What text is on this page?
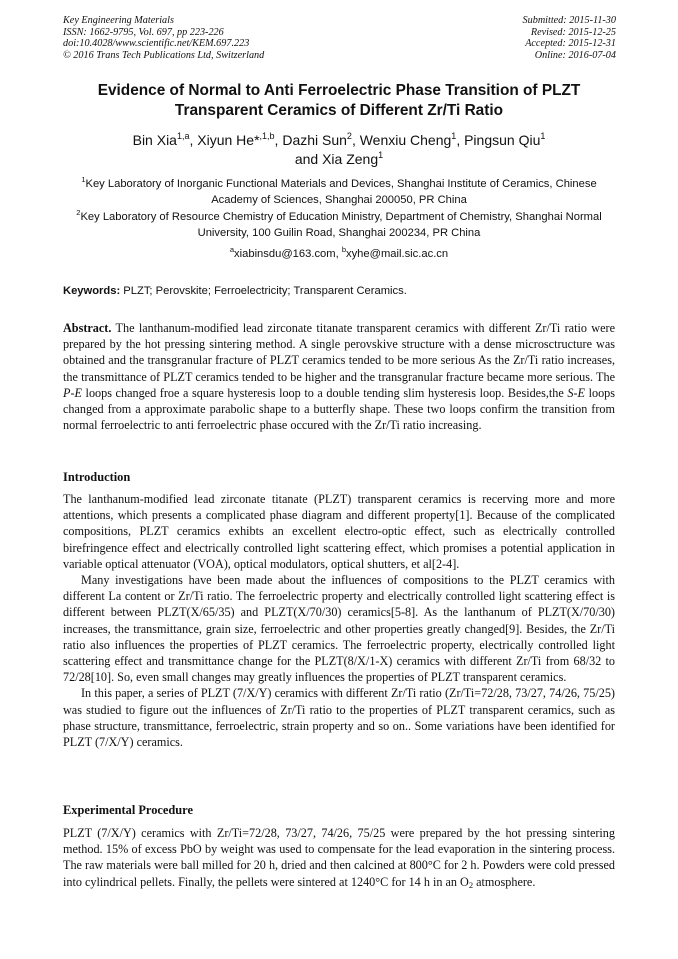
Key Engineering Materials
ISSN: 1662-9795, Vol. 697, pp 223-226
doi:10.4028/www.scientific.net/KEM.697.223
© 2016 Trans Tech Publications Ltd, Switzerland
Submitted: 2015-11-30
Revised: 2015-12-25
Accepted: 2015-12-31
Online: 2016-07-04
Evidence of Normal to Anti Ferroelectric Phase Transition of PLZT
Transparent Ceramics of Different Zr/Ti Ratio
Bin Xia$^{1,a}$, Xiyun He*$^{,1,b}$, Dazhi Sun$^2$, Wenxiu Cheng$^1$, Pingsun Qiu$^1$
and Xia Zeng$^1$
$^1$Key Laboratory of Inorganic Functional Materials and Devices, Shanghai Institute of Ceramics, Chinese Academy of Sciences, Shanghai 200050, PR China
$^2$Key Laboratory of Resource Chemistry of Education Ministry, Department of Chemistry, Shanghai Normal University, 100 Guilin Road, Shanghai 200234, PR China
$^a$xiabinsdu@163.com, $^b$xyhe@mail.sic.ac.cn
Keywords: PLZT; Perovskite; Ferroelectricity; Transparent Ceramics.

Abstract. The lanthanum-modified lead zirconate titanate transparent ceramics with different Zr/Ti ratio were prepared by the hot pressing sintering method. A single perovskive structure with a dense microsctructure was obtained and the transgranular fracture of PLZT ceramics tended to be more serious As the Zr/Ti ratio increases, the transmittance of PLZT ceramics tended to be higher and the transgranular fracture became more serious. The P-E loops changed froe a square hysteresis loop to a double tending slim hysteresis loop. Besides,the S-E loops changed from a approximate parabolic shape to a butterfly shape. These two loops confirm the transition from normal ferroelectric to anti ferroelectric phase occured with the Zr/Ti ratio increasing.

Introduction

The lanthanum-modified lead zirconate titanate (PLZT) transparent ceramics is recerving more and more attentions, which presents a complicated phase diagram and different property[1]. Because of the complicated compositions, PLZT ceramics exhibts an excellent electro-optic effect, such as electrically controlled birefringence effect and electrically controlled light scattering effect, which promises a potential application in variable optical attenuator (VOA), optical modulators, optical shutters, et al[2-4].

Many investigations have been made about the influences of compositions to the PLZT ceramics with different La content or Zr/Ti ratio. The ferroelectric property and electrically controlled light scattering effect is different between PLZT(X/65/35) and PLZT(X/70/30) ceramics[5-8]. As the lanthanum of PLZT(X/70/30) increases, the transmittance, grain size, ferroelectric and other properties greatly changed[9]. Besides, the Zr/Ti ratio also influences the properties of PLZT ceramics. The ferroelectric property, electrically controlled light scattering effect and transmittance change for the PLZT(8/X/1-X) ceramics with different Zr/Ti from 68/32 to 72/28[10]. So, even small changes may greatly influences the properties of PLZT transparent ceramics.

In this paper, a series of PLZT (7/X/Y) ceramics with different Zr/Ti ratio (Zr/Ti=72/28, 73/27, 74/26, 75/25) was studied to figure out the influences of Zr/Ti ratio to the properties of PLZT transparent ceramics, such as phase structure, transmittance, ferroelectric, strain property and so on.. Some variations have been identified for PLZT (7/X/Y) ceramics.

Experimental Procedure

PLZT (7/X/Y) ceramics with Zr/Ti=72/28, 73/27, 74/26, 75/25 were prepared by the hot pressing sintering method. 15% of excess PbO by weight was used to compensate for the lead evaporation in the sintering process. The raw materials were ball milled for 20 h, dried and then calcined at 800°C for 2 h. Powders were cold pressed into cylindrical pellets. Finally, the pellets were sintered at 1240°C for 14 h in an $O_2$ atmosphere.
